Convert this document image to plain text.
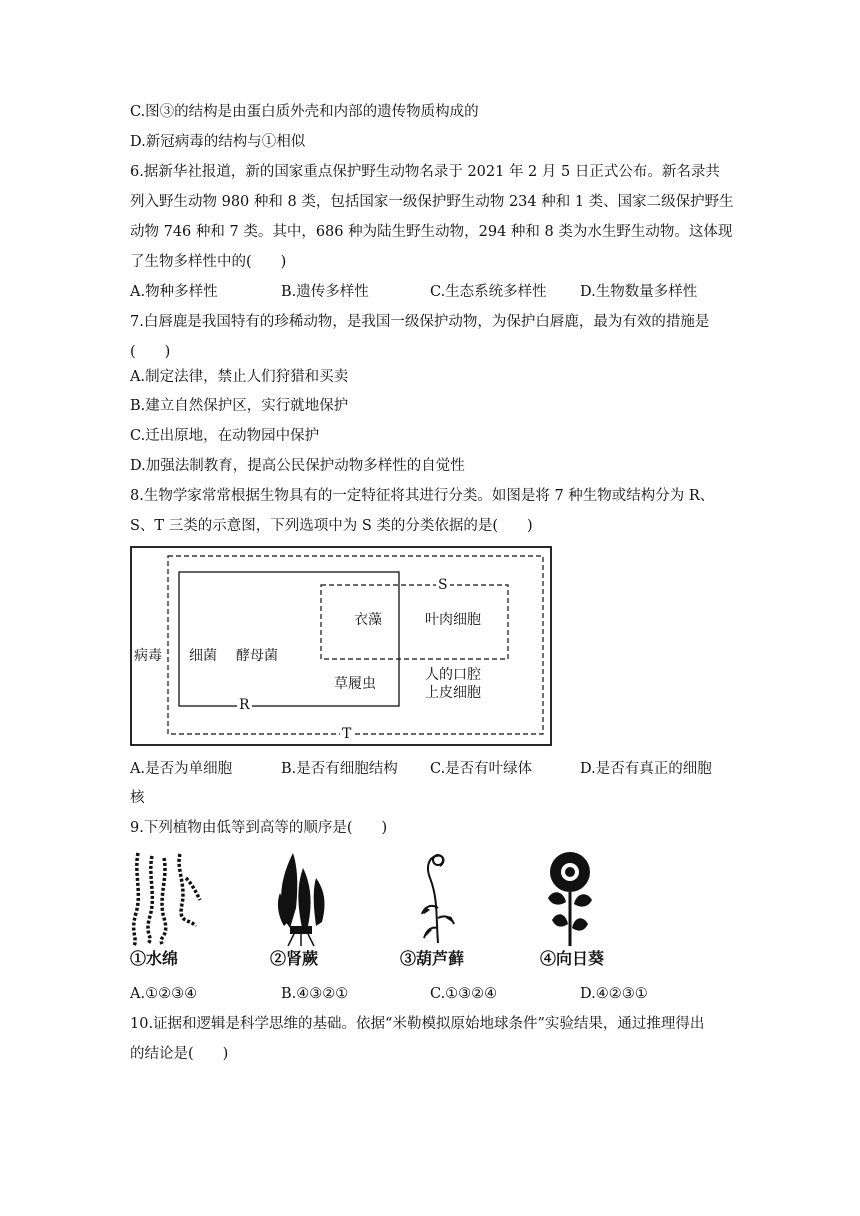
C.图③的结构是由蛋白质外壳和内部的遗传物质构成的
D.新冠病毒的结构与①相似
6.据新华社报道，新的国家重点保护野生动物名录于 2021 年 2 月 5 日正式公布。新名录共
列入野生动物 980 种和 8 类，包括国家一级保护野生动物 234 种和 1 类、国家二级保护野生
动物 746 种和 7 类。其中，686 种为陆生野生动物，294 种和 8 类为水生野生动物。这体现
了生物多样性中的(　　)
A.物种多样性	B.遗传多样性	C.生态系统多样性 D.生物数量多样性
7.白唇鹿是我国特有的珍稀动物，是我国一级保护动物，为保护白唇鹿，最为有效的措施是
(　　)
A.制定法律，禁止人们狩猎和买卖
B.建立自然保护区，实行就地保护
C.迁出原地，在动物园中保护
D.加强法制教育，提高公民保护动物多样性的自觉性
8.生物学家常常根据生物具有的一定特征将其进行分类。如图是将 7 种生物或结构分为 R、
S、T 三类的示意图，下列选项中为 S 类的分类依据的是(　　)
病毒 细菌 酵母菌
衣藻	叶肉细胞
草履虫
人的口腔
上皮细胞
R
S
T
A.是否为单细胞	B.是否有细胞结构 C.是否有叶绿体	D.是否有真正的细胞
核
9.下列植物由低等到高等的顺序是(　　)
①水绵	②肾蕨	③葫芦藓	④向日葵
A.①②③④	B.④③②①	C.①③②④	D.④②③①
10.证据和逻辑是科学思维的基础。依据“米勒模拟原始地球条件”实验结果，通过推理得出
的结论是(　　)
